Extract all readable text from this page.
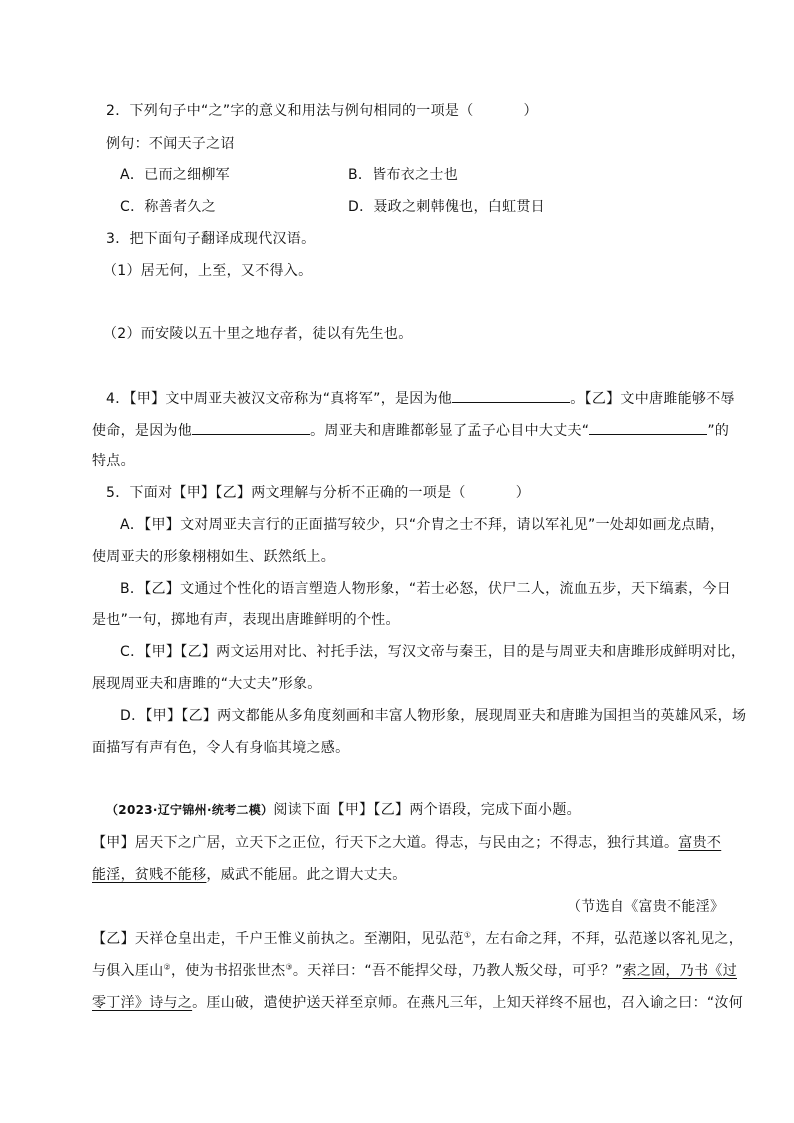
2．下列句子中“之”字的意义和用法与例句相同的一项是（	）
例句：不闻天子之诏
A．已而之细柳军	B．皆布衣之士也
C．称善者久之	D．聂政之刺韩傀也，白虹贯日
3．把下面句子翻译成现代汉语。
（1）居无何，上至，又不得入。
（2）而安陵以五十里之地存者，徒以有先生也。
4．【甲】文中周亚夫被汉文帝称为“真将军”，是因为他	。【乙】文中唐雎能够不辱
使命，是因为他	。周亚夫和唐雎都彰显了孟子心目中大丈夫“	”的
特点。
5．下面对【甲】【乙】两文理解与分析不正确的一项是（	）
A．【甲】文对周亚夫言行的正面描写较少，只“介胄之士不拜，请以军礼见”一处却如画龙点睛，
使周亚夫的形象栩栩如生、跃然纸上。
B．【乙】文通过个性化的语言塑造人物形象，“若士必怒，伏尸二人，流血五步，天下缟素，今日
是也”一句，掷地有声，表现出唐雎鲜明的个性。
C．【甲】【乙】两文运用对比、衬托手法，写汉文帝与秦王，目的是与周亚夫和唐雎形成鲜明对比，
展现周亚夫和唐雎的“大丈夫”形象。
D．【甲】【乙】两文都能从多角度刻画和丰富人物形象，展现周亚夫和唐雎为国担当的英雄风采，场
面描写有声有色，令人有身临其境之感。
（2023·辽宁锦州·统考二模）阅读下面【甲】【乙】两个语段，完成下面小题。
【甲】居天下之广居，立天下之正位，行天下之大道。得志，与民由之；不得志，独行其道。富贵不
能淫，贫贱不能移，威武不能屈。此之谓大丈夫。
（节选自《富贵不能淫》
【乙】天祥仓皇出走，千户王惟义前执之。至潮阳，见弘范①，左右命之拜，不拜，弘范遂以客礼见之，
与俱入厓山②，使为书招张世杰③。天祥曰：“吾不能捍父母，乃教人叛父母，可乎？”索之固，乃书《过
零丁洋》诗与之。厓山破，遣使护送天祥至京师。在燕凡三年，上知天祥终不屈也，召入谕之曰：“汝何
